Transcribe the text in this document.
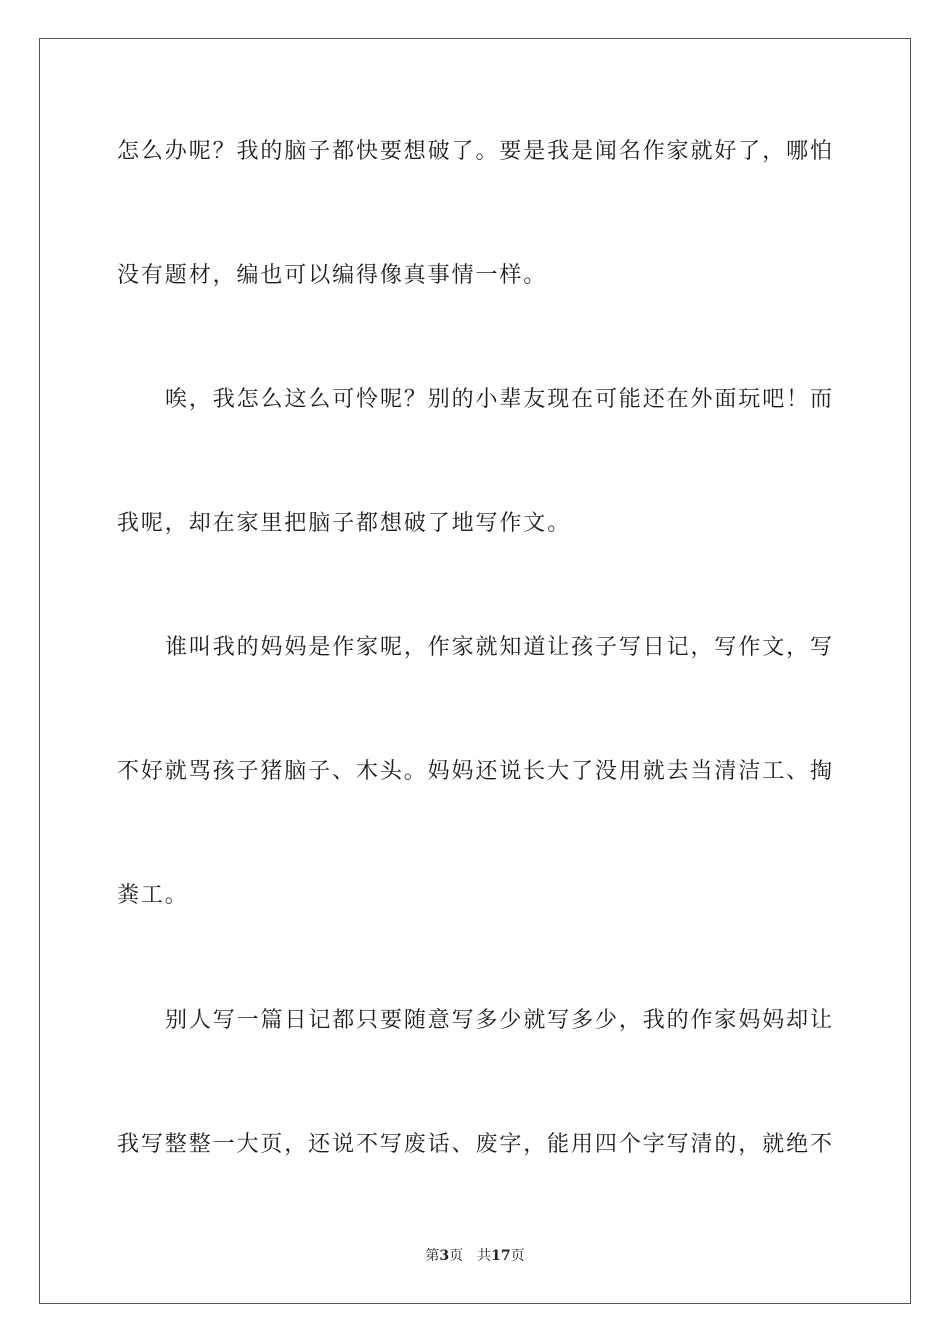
怎么办呢？我的脑子都快要想破了。要是我是闻名作家就好了，哪怕
没有题材，编也可以编得像真事情一样。
唉，我怎么这么可怜呢？别的小辈友现在可能还在外面玩吧！而
我呢，却在家里把脑子都想破了地写作文。
谁叫我的妈妈是作家呢，作家就知道让孩子写日记，写作文，写
不好就骂孩子猪脑子、木头。妈妈还说长大了没用就去当清洁工、掏
粪工。
别人写一篇日记都只要随意写多少就写多少，我的作家妈妈却让
我写整整一大页，还说不写废话、废字，能用四个字写清的，就绝不
第3页 共17页
